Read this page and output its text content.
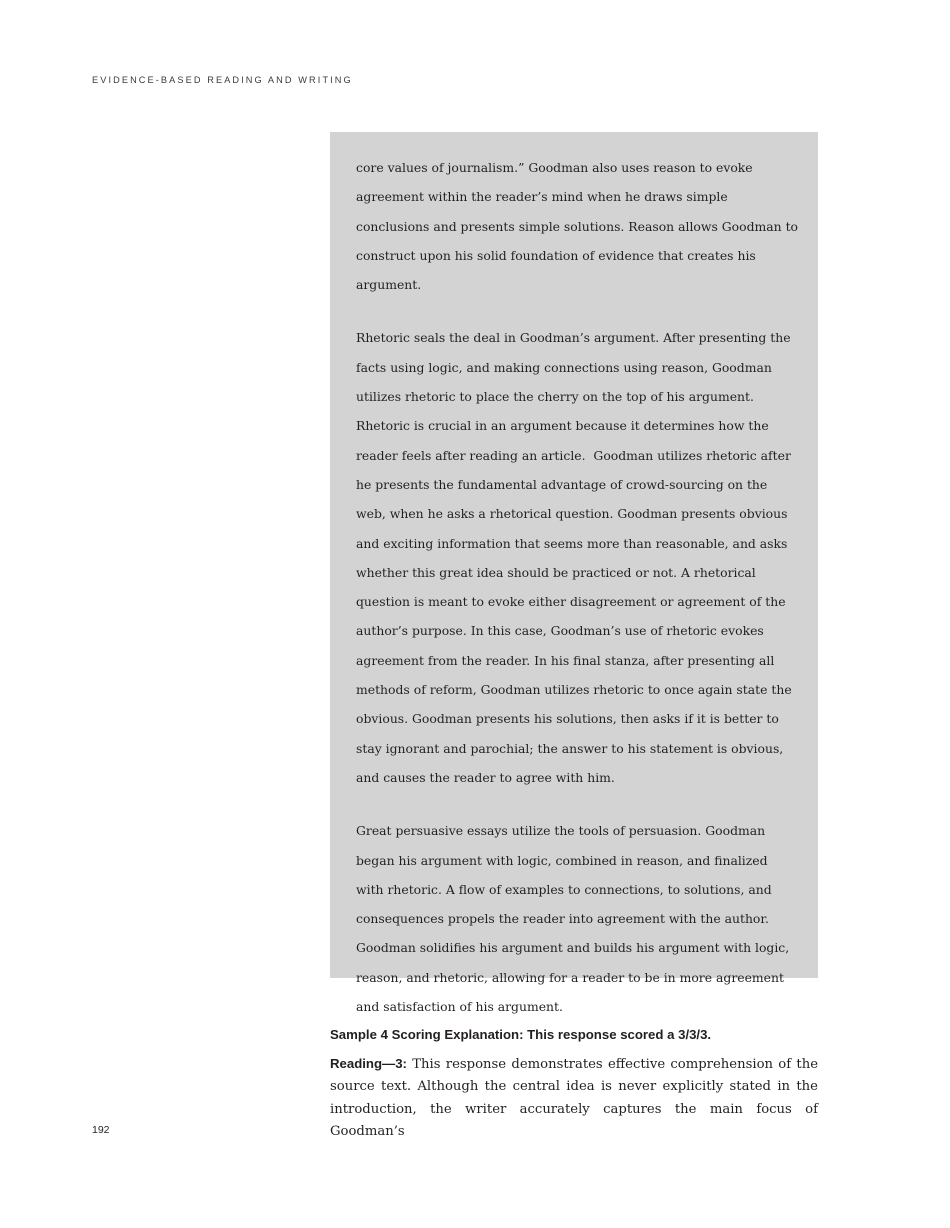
EVIDENCE-BASED READING AND WRITING

core values of journalism.” Goodman also uses reason to evoke agreement within the reader’s mind when he draws simple conclusions and presents simple solutions. Reason allows Goodman to construct upon his solid foundation of evidence that creates his argument.

Rhetoric seals the deal in Goodman’s argument. After presenting the facts using logic, and making connections using reason, Goodman utilizes rhetoric to place the cherry on the top of his argument. Rhetoric is crucial in an argument because it determines how the reader feels after reading an article.  Goodman utilizes rhetoric after he presents the fundamental advantage of crowd-sourcing on the web, when he asks a rhetorical question. Goodman presents obvious and exciting information that seems more than reasonable, and asks whether this great idea should be practiced or not. A rhetorical question is meant to evoke either disagreement or agreement of the author’s purpose. In this case, Goodman’s use of rhetoric evokes agreement from the reader. In his final stanza, after presenting all methods of reform, Goodman utilizes rhetoric to once again state the obvious. Goodman presents his solutions, then asks if it is better to stay ignorant and parochial; the answer to his statement is obvious, and causes the reader to agree with him.

Great persuasive essays utilize the tools of persuasion. Goodman began his argument with logic, combined in reason, and finalized with rhetoric. A flow of examples to connections, to solutions, and consequences propels the reader into agreement with the author. Goodman solidifies his argument and builds his argument with logic, reason, and rhetoric, allowing for a reader to be in more agreement and satisfaction of his argument.

Sample 4 Scoring Explanation: This response scored a 3/3/3.

Reading—3: This response demonstrates effective comprehension of the source text. Although the central idea is never explicitly stated in the introduction, the writer accurately captures the main focus of Goodman’s

192
